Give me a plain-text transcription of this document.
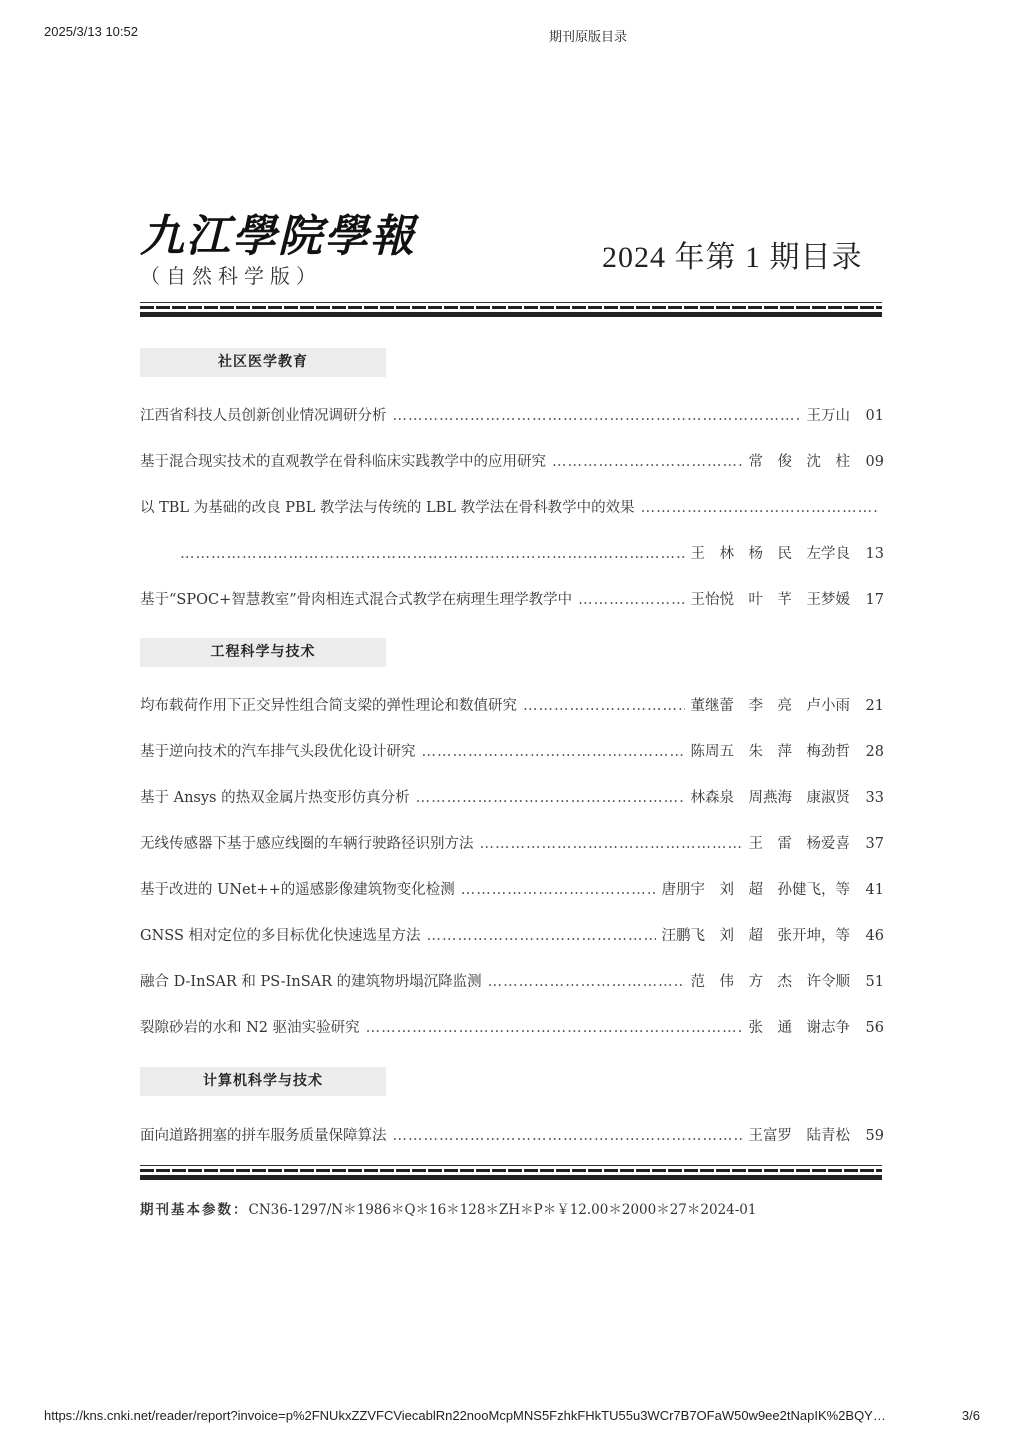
2025/3/13 10:52	期刊原版目录
九江學院學報
（自然科学版）
2024 年第 1 期目录
社区医学教育
江西省科技人员创新创业情况调研分析 ……………………………………………………………………………………………………………………………………………………	王万山	01
基于混合现实技术的直观教学在骨科临床实践教学中的应用研究 ……………………………………………………………………………………………………………………………………………………	常　俊　沈　柱	09
以 TBL 为基础的改良 PBL 教学法与传统的 LBL 教学法在骨科教学中的效果
……………………………………………………………………………………………………………………………………………………
……………………………………………………………………………………………………………………………………………………
王　林　杨　民　左学良	13
基于“SPOC+智慧教室”骨肉相连式混合式教学在病理生理学教学中 ……………………………………………………………………………………………………………………………………………………	王怡悦　叶　芊　王梦媛	17
工程科学与技术
均布载荷作用下正交异性组合简支梁的弹性理论和数值研究 ……………………………………………………………………………………………………………………………………………………	董继蕾　李　亮　卢小雨	21
基于逆向技术的汽车排气头段优化设计研究 ……………………………………………………………………………………………………………………………………………………	陈周五　朱　萍　梅劲哲	28
基于 Ansys 的热双金属片热变形仿真分析 ……………………………………………………………………………………………………………………………………………………	林森泉　周燕海　康淑贤	33
无线传感器下基于感应线圈的车辆行驶路径识别方法 ……………………………………………………………………………………………………………………………………………………	王　雷　杨爱喜	37
基于改进的 UNet++的遥感影像建筑物变化检测 ……………………………………………………………………………………………………………………………………………………	唐朋宇　刘　超　孙健飞，等	41
GNSS 相对定位的多目标优化快速选星方法 ……………………………………………………………………………………………………………………………………………………	汪鹏飞　刘　超　张开坤，等	46
融合 D-InSAR 和 PS-InSAR 的建筑物坍塌沉降监测 ……………………………………………………………………………………………………………………………………………………	范　伟　方　杰　许令顺	51
裂隙砂岩的水和 N2 驱油实验研究 ……………………………………………………………………………………………………………………………………………………	张　通　谢志争	56
计算机科学与技术
面向道路拥塞的拼车服务质量保障算法 ……………………………………………………………………………………………………………………………………………………	王富罗　陆青松	59
期刊基本参数：CN36-1297/N＊1986＊Q＊16＊128＊ZH＊P＊￥12.00＊2000＊27＊2024-01
https://kns.cnki.net/reader/report?invoice=p%2FNUkxZZVFCViecablRn22nooMcpMNS5FzhkFHkTU55u3WCr7B7OFaW50w9ee2tNapIK%2BQY…	3/6
